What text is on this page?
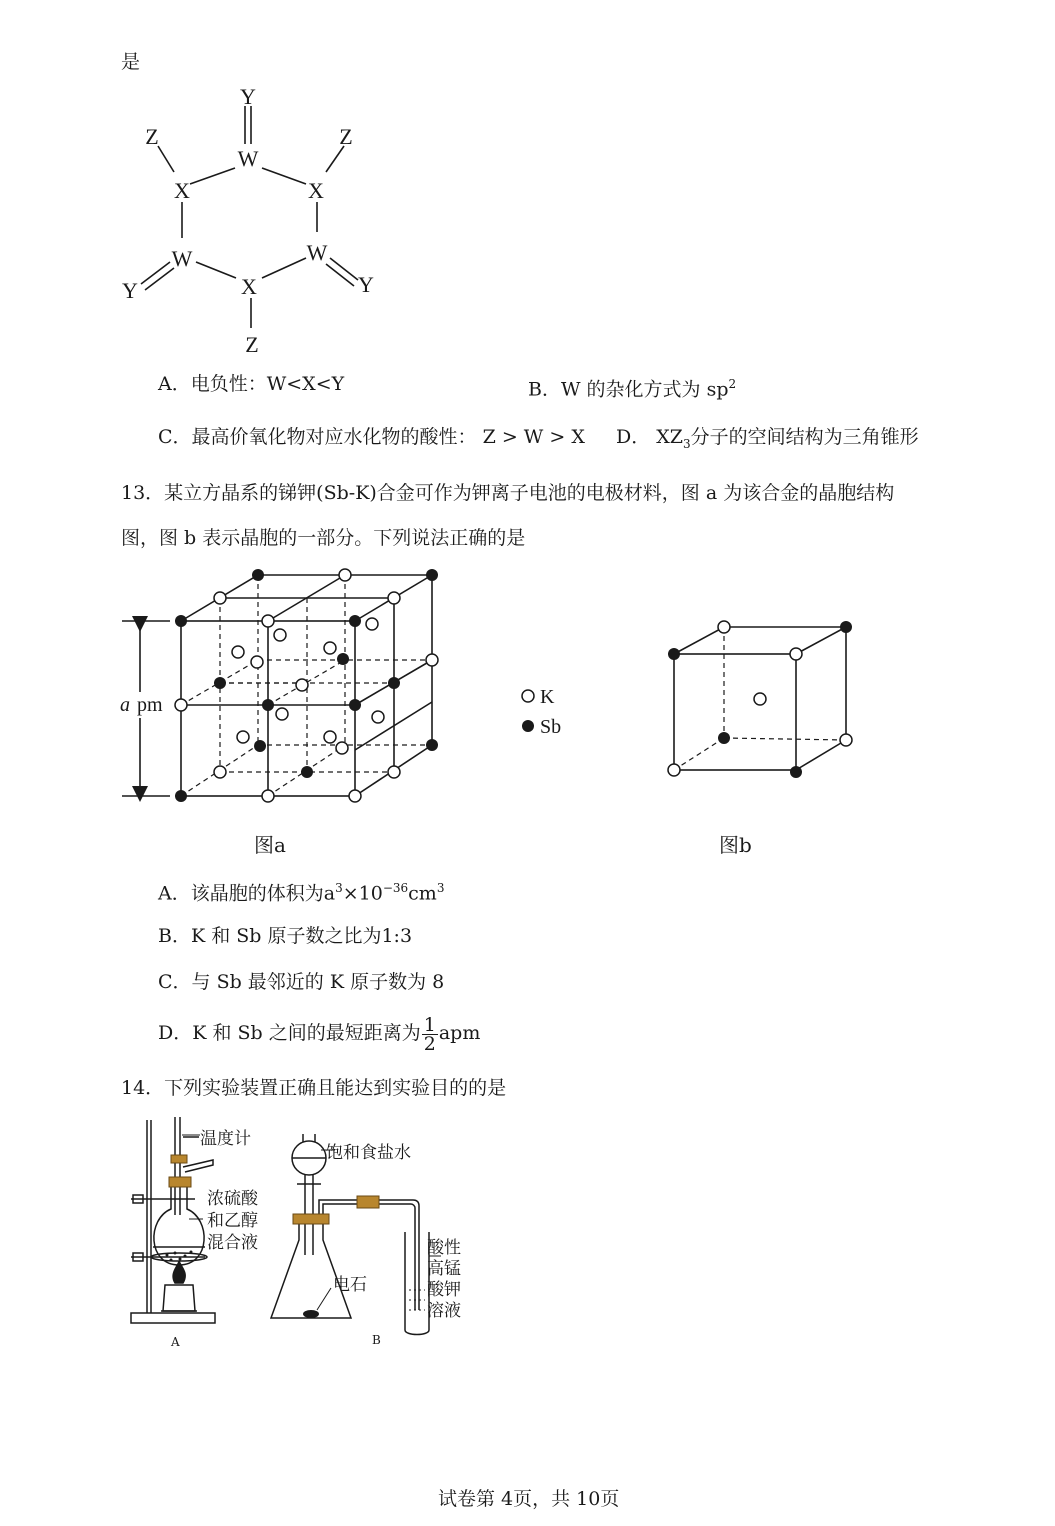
是
Y
W
Z	Z
X	X
W	W
Y	Y
X
Z
A．电负性：W<X<Y	B．W 的杂化方式为 $sp^2$
C．最高价氧化物对应水化物的酸性： Z > W > X D． $XZ_3$分子的空间结构为三角锥形
13．某立方晶系的锑钾(Sb-K)合金可作为钾离子电池的电极材料，图 a 为该合金的晶胞结构
图，图 b 表示晶胞的一部分。下列说法正确的是
a pm	K
Sb
图a	图b
A．该晶胞的体积为$a^3\times 10^{-36}cm^3$
B．K 和 Sb 原子数之比为1:3
C．与 Sb 最邻近的 K 原子数为 8
D．K 和 Sb 之间的最短距离为 $\frac{1}{2}$ apm
14．下列实验装置正确且能达到实验目的的是
温度计
浓硫酸
和乙醇
混合液
A
饱和食盐水
电石
酸性
高锰
酸钾
溶液
B
试卷第 4页，共 10页
